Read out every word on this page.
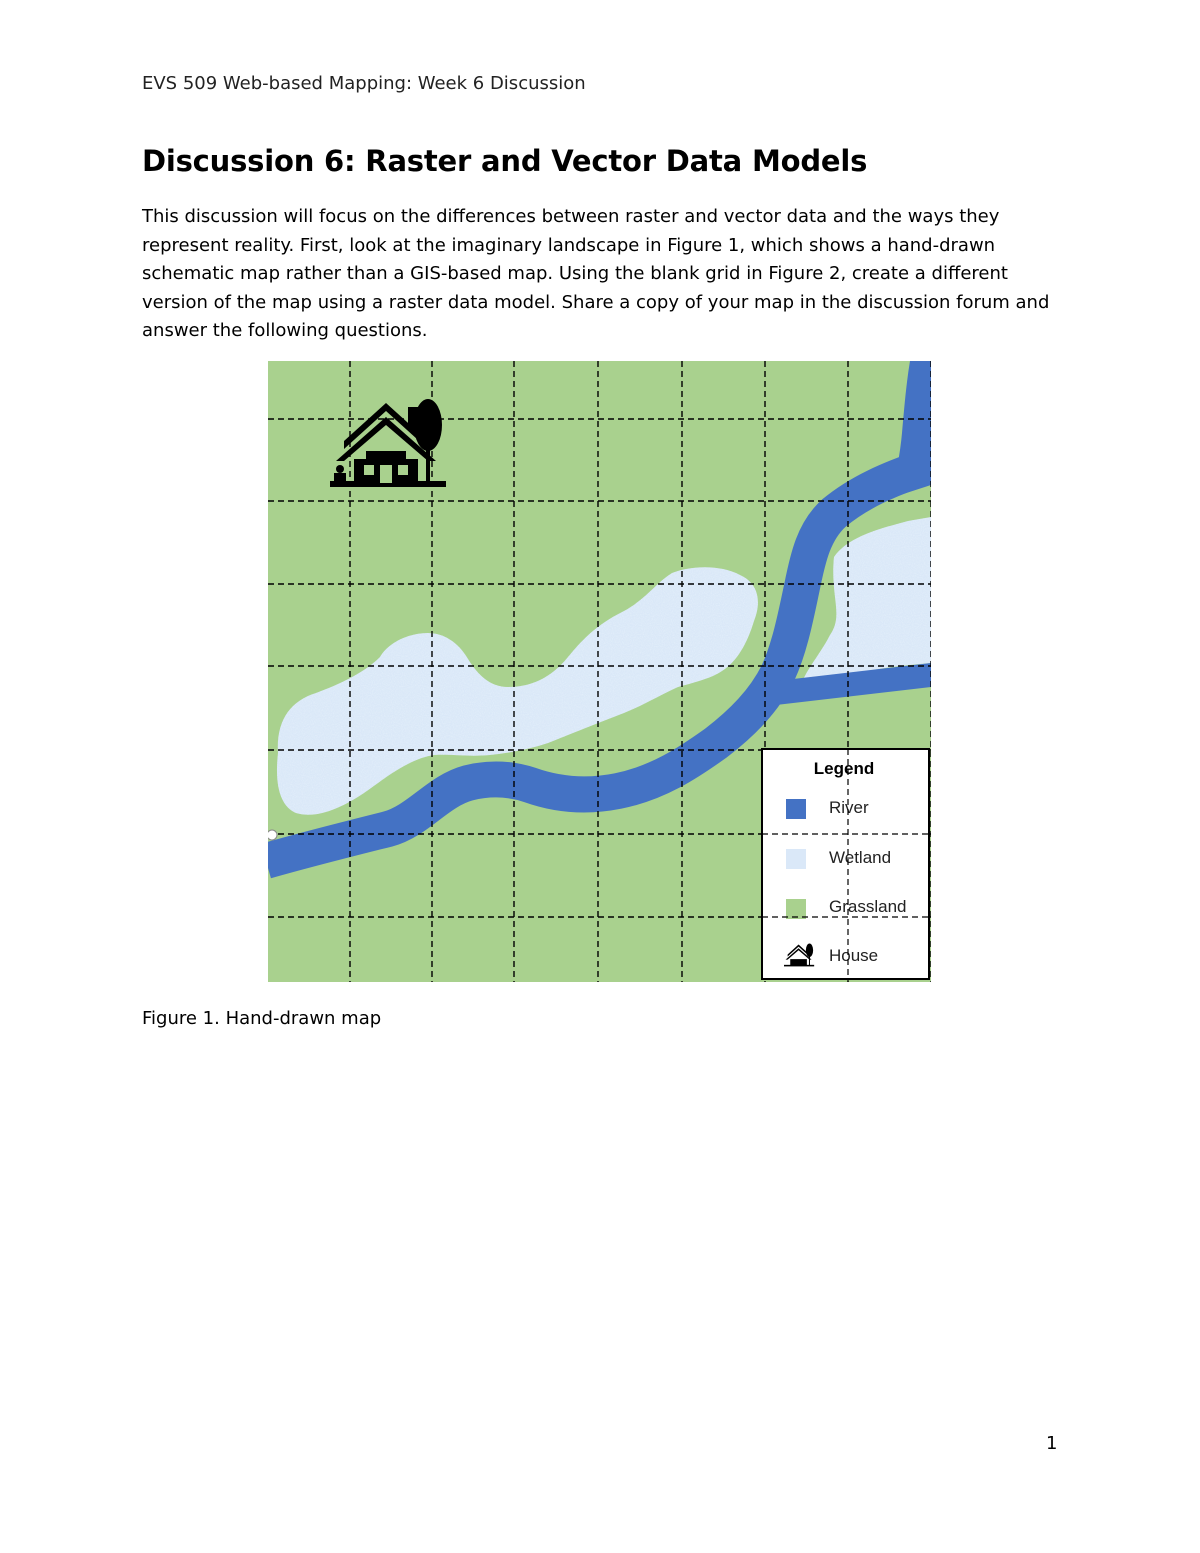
EVS 509 Web-based Mapping: Week 6 Discussion
Discussion 6: Raster and Vector Data Models

This discussion will focus on the differences between raster and vector data and the ways they represent reality. First, look at the imaginary landscape in Figure 1, which shows a hand-drawn schematic map rather than a GIS-based map. Using the blank grid in Figure 2, create a different version of the map using a raster data model. Share a copy of your map in the discussion forum and answer the following questions.

Legend
River
Wetland
Grassland
House
Figure 1. Hand-drawn map
1
